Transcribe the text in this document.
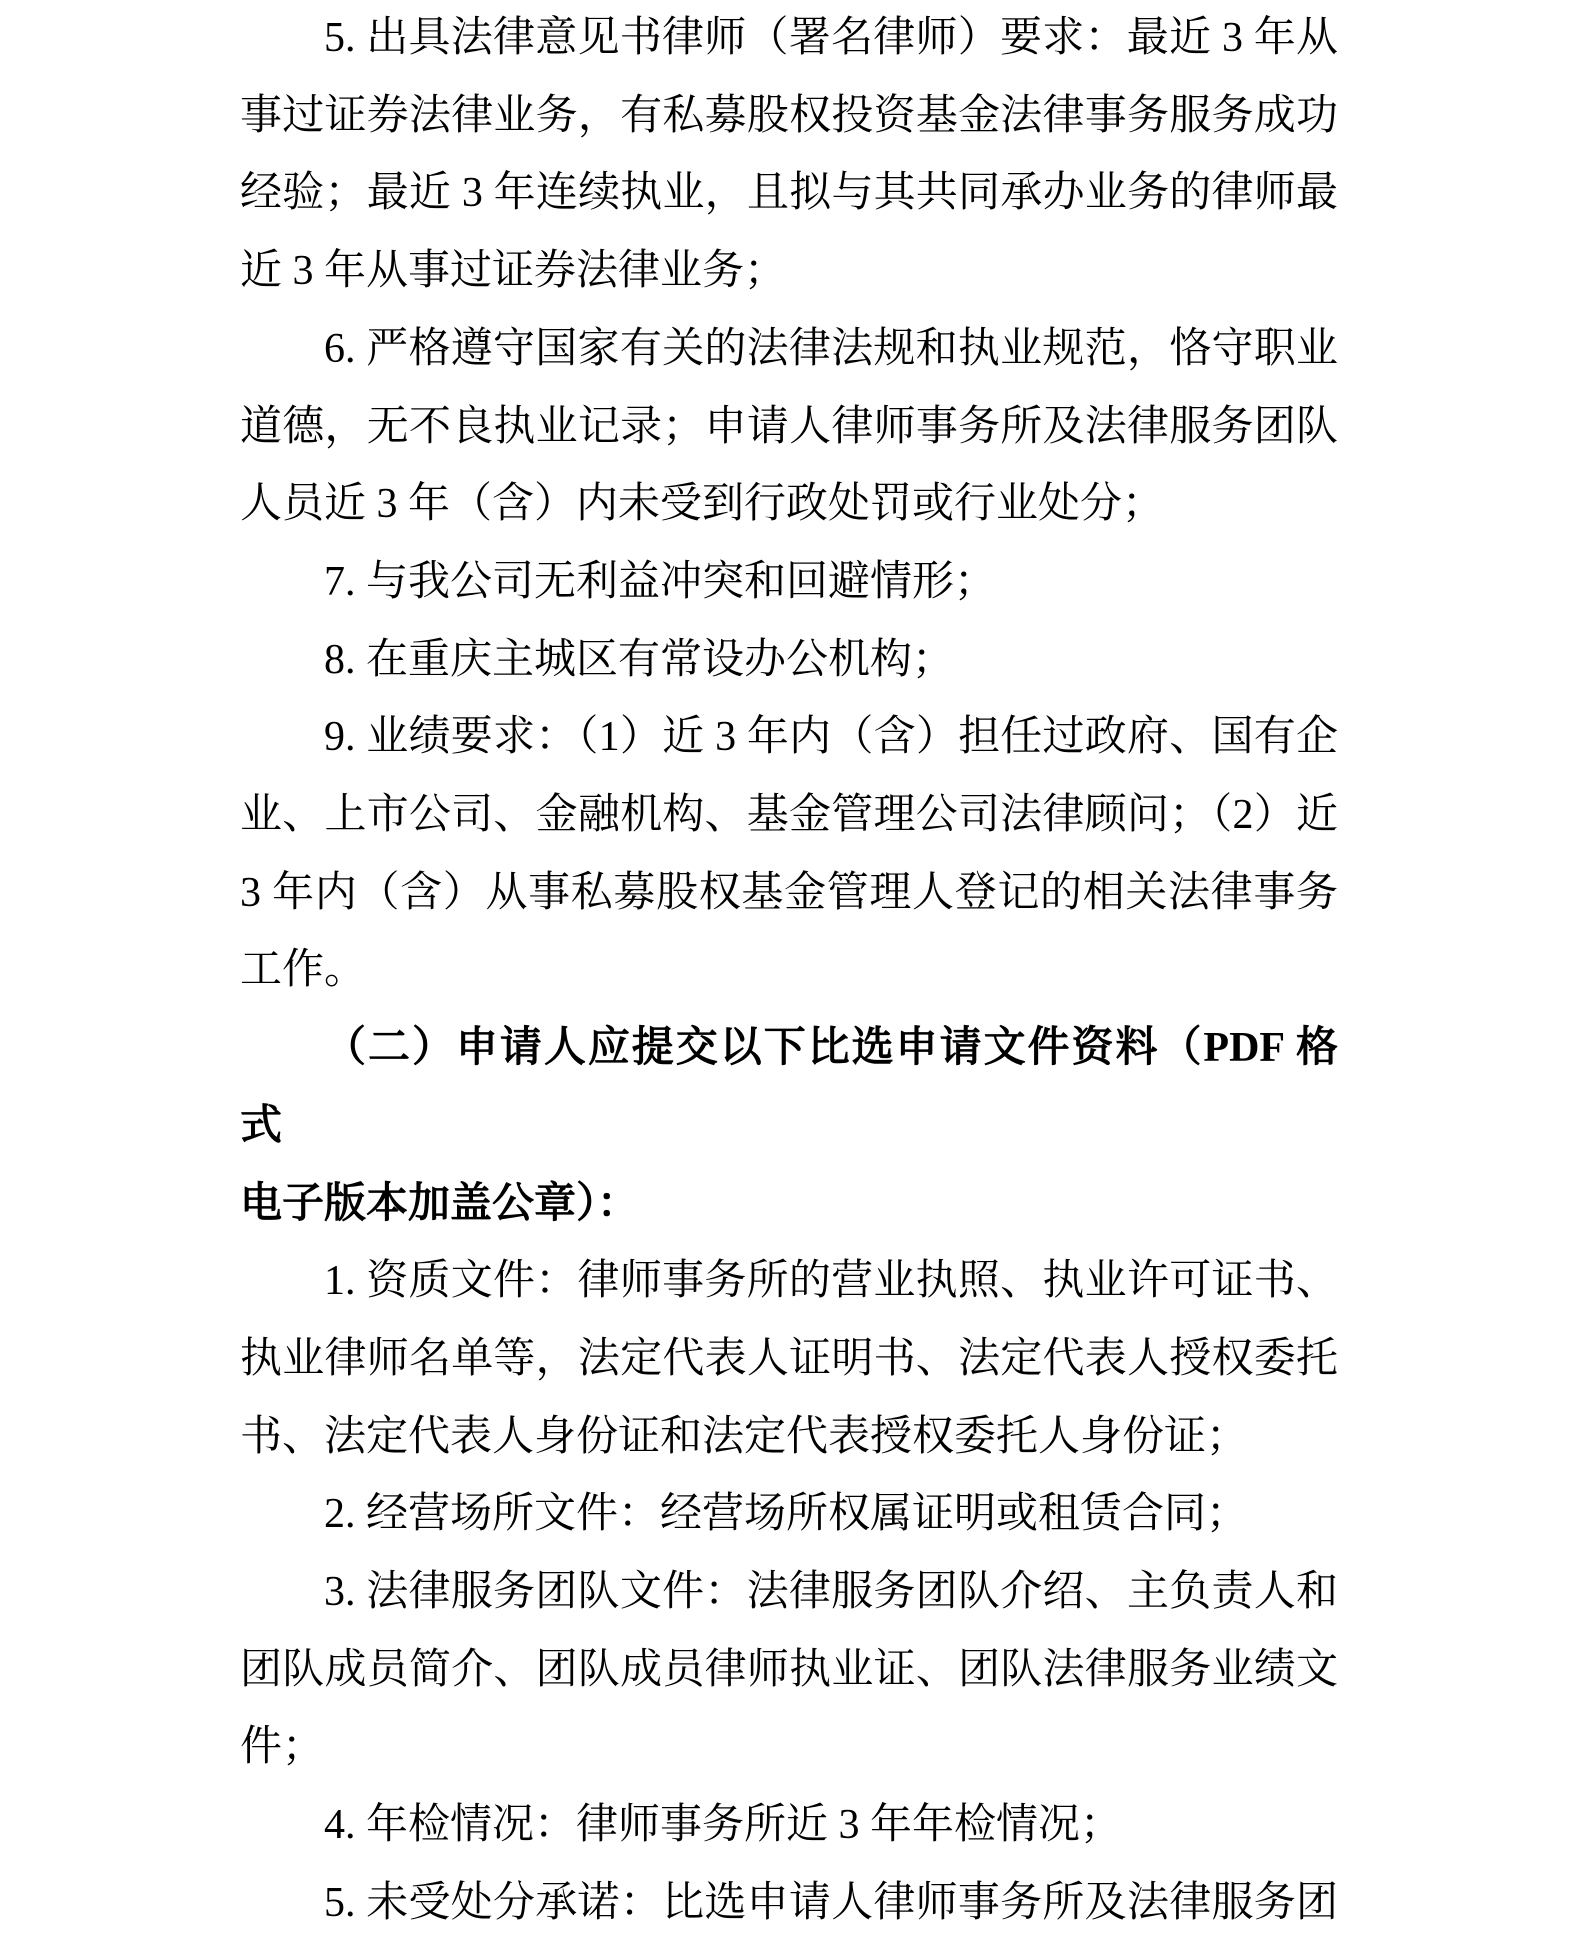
5. 出具法律意见书律师（署名律师）要求：最近 3 年从
事过证券法律业务，有私募股权投资基金法律事务服务成功
经验；最近 3 年连续执业，且拟与其共同承办业务的律师最
近 3 年从事过证券法律业务；
6. 严格遵守国家有关的法律法规和执业规范，恪守职业
道德，无不良执业记录；申请人律师事务所及法律服务团队
人员近 3 年（含）内未受到行政处罚或行业处分；
7. 与我公司无利益冲突和回避情形；
8. 在重庆主城区有常设办公机构；
9. 业绩要求：（1）近 3 年内（含）担任过政府、国有企
业、上市公司、金融机构、基金管理公司法律顾问；（2）近
3 年内（含）从事私募股权基金管理人登记的相关法律事务
工作。
（二）申请人应提交以下比选申请文件资料（PDF 格式
电子版本加盖公章）：
1. 资质文件：律师事务所的营业执照、执业许可证书、
执业律师名单等，法定代表人证明书、法定代表人授权委托
书、法定代表人身份证和法定代表授权委托人身份证；
2. 经营场所文件：经营场所权属证明或租赁合同；
3. 法律服务团队文件：法律服务团队介绍、主负责人和
团队成员简介、团队成员律师执业证、团队法律服务业绩文
件；
4. 年检情况：律师事务所近 3 年年检情况；
5. 未受处分承诺：比选申请人律师事务所及法律服务团
